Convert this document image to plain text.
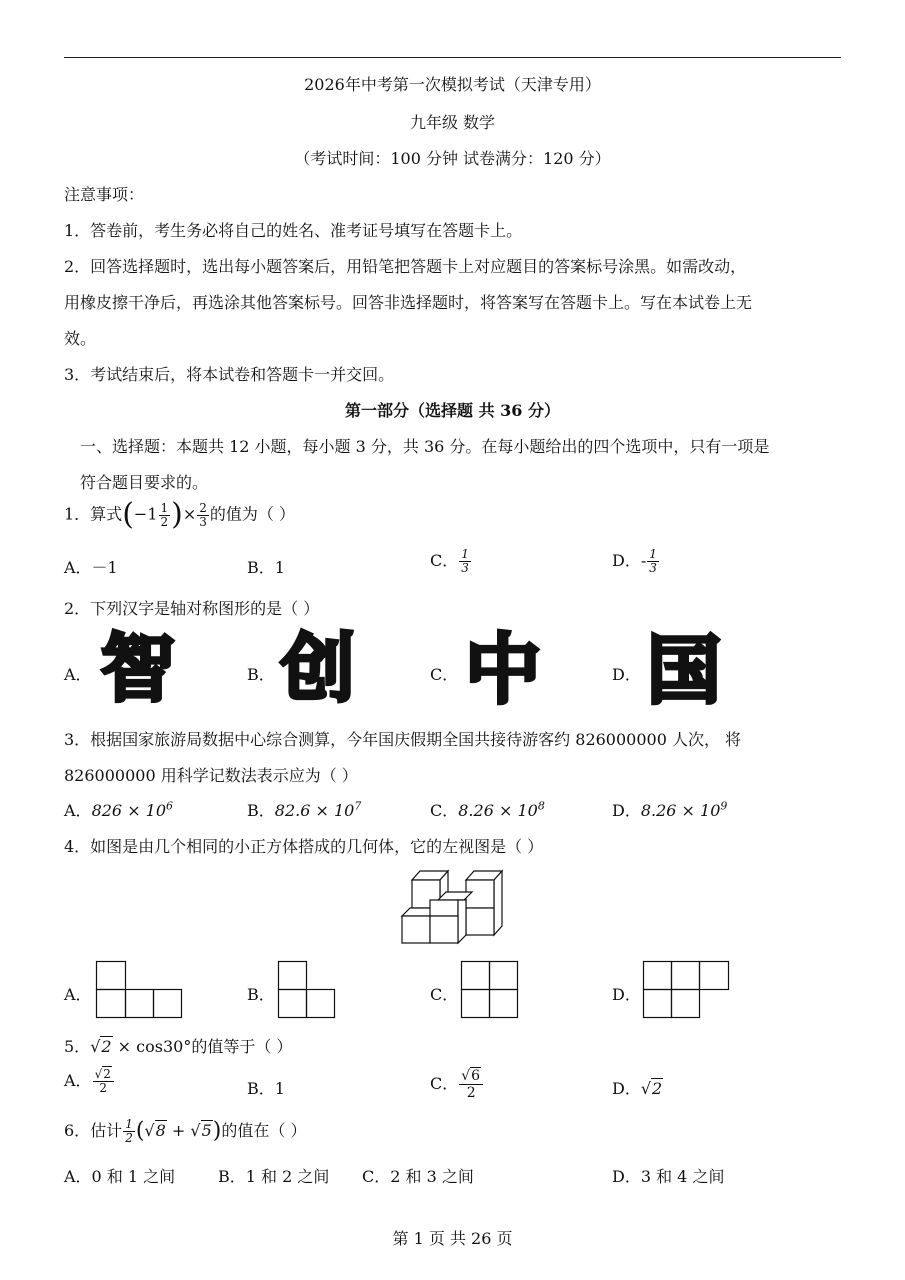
2026年中考第一次模拟考试（天津专用）
九年级 数学
（考试时间：100 分钟 试卷满分：120 分）
注意事项：
1．答卷前，考生务必将自己的姓名、准考证号填写在答题卡上。
2．回答选择题时，选出每小题答案后，用铅笔把答题卡上对应题目的答案标号涂黑。如需改动，
用橡皮擦干净后，再选涂其他答案标号。回答非选择题时，将答案写在答题卡上。写在本试卷上无
效。
3．考试结束后，将本试卷和答题卡一并交回。
第一部分（选择题 共 36 分）
一、选择题：本题共 12 小题，每小题 3 分，共 36 分。在每小题给出的四个选项中，只有一项是
符合题目要求的。
1．算式($-1 \frac{1}{2}$ )× $\frac{2}{3}$ 的值为（ ）
A．－1	B．1	C． $\frac{1}{3}$	D．- $\frac{1}{3}$
2．下列汉字是轴对称图形的是（ ）
A．	B．	C．	D．
智 创 中 国
3．根据国家旅游局数据中心综合测算，今年国庆假期全国共接待游客约 826000000 人次， 将
826000000 用科学记数法表示应为（ ）
A．$826 \times 10^6$	B．$82.6 \times 10^7$	C．$8.26 \times 10^8$	D．$8.26 \times 10^9$
4．如图是由几个相同的小正方体搭成的几何体，它的左视图是（ ）
A．	B．	C．	D．
5．√2 × cos30°的值等于（ ）
A． $\frac{√2}{2}$	B．1	C． $\frac{√6}{2}$	D．√2
6．估计 $\frac{1}{2} (√8 + √5)$的值在（ ）
A．0 和 1 之间	B．1 和 2 之间 C．2 和 3 之间	D．3 和 4 之间
第 1 页 共 26 页
